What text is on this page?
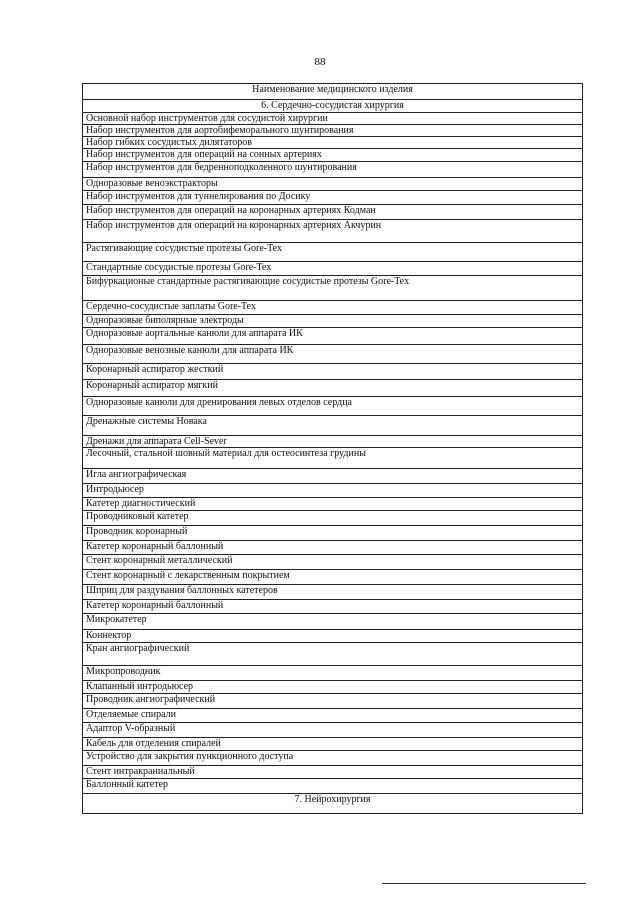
88
Наименование медицинского изделия
6. Сердечно-сосудистая хирургия
Основной набор инструментов для сосудистой хирургии
Набор инструментов для аортобифеморального шунтирования
Набор гибких сосудистых дилятаторов
Набор инструментов для операций на сонных артериях
Набор инструментов для бедренноподколенного шунтирования
Одноразовые веноэкстракторы
Набор инструментов для туннелирования по Досику
Набор инструментов для операций на коронарных артериях Кодман
Набор инструментов для операций на коронарных артериях Акчурин
Растягивающие сосудистые протезы Gore-Tex
Стандартные сосудистые протезы Gore-Tex
Бифуркационые стандартные растягивающие сосудистые протезы Gore-Tex
Сердечно-сосудистые заплаты Gore-Tex
Одноразовые биполярные электроды
Одноразовые аортальные канюли для аппарата ИК
Одноразовые венозные канюли для аппарата ИК
Коронарный аспиратор жесткий
Коронарный аспиратор мягкий
Одноразовые канюли для дренирования левых отделов сердца
Дренажные системы Новака
Дренажи для аппарата Cell-Sever
Лесочный, стальной шовный материал для остеосинтеза грудины
Игла ангиографическая
Интродьюсер
Катетер диагностический
Проводниковый катетер
Проводник коронарный
Катетер коронарный баллонный
Стент коронарный металлический
Стент коронарный с лекарственным покрытием
Шприц для раздувания баллонных катетеров
Катетер коронарный баллонный
Микрокатетер
Коннектор
Кран ангиографический
Микропроводник
Клапанный интродьюсер
Проводник ангиографический
Отделяемые спирали
Адаптор V-образный
Кабель для отделения спиралей
Устройство для закрытия пункционного доступа
Стент интракраниальный
Баллонный катетер
7. Нейрохирургия
